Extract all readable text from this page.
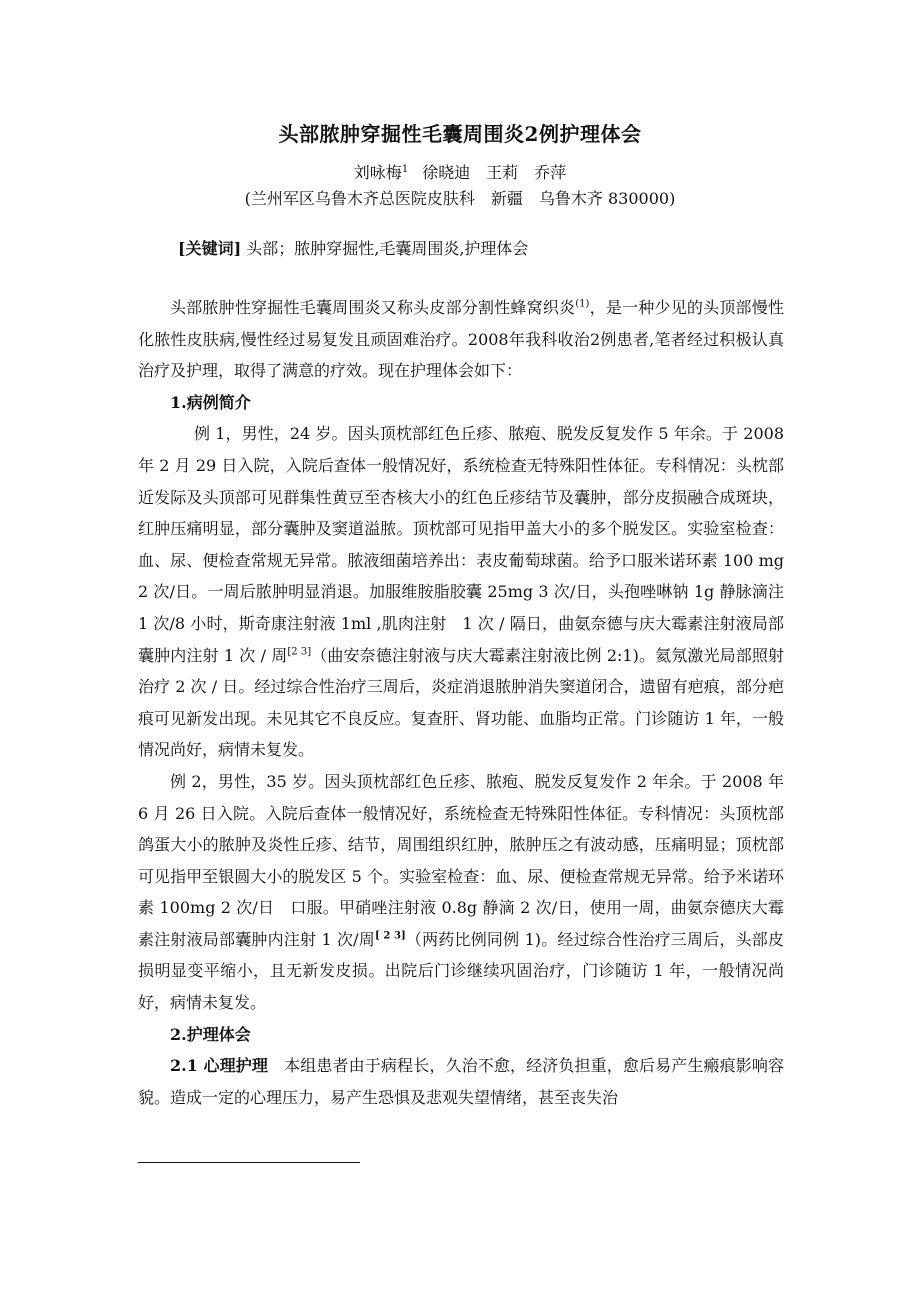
头部脓肿穿掘性毛囊周围炎2例护理体会
刘咏梅$^1$ 徐晓迪　王莉　乔萍
(兰州军区乌鲁木齐总医院皮肤科　新疆　乌鲁木齐 830000)
[关键词] 头部；脓肿穿掘性,毛囊周围炎,护理体会

头部脓肿性穿掘性毛囊周围炎又称头皮部分割性蜂窝织炎$^{(1)}$，是一种少见的头顶部慢性化脓性皮肤病,慢性经过易复发且顽固难治疗。2008年我科收治2例患者,笔者经过积极认真治疗及护理，取得了满意的疗效。现在护理体会如下：

1.病例简介

例 1，男性，24 岁。因头顶枕部红色丘疹、脓疱、脱发反复发作 5 年余。于 2008 年 2 月 29 日入院，入院后查体一般情况好，系统检查无特殊阳性体征。专科情况：头枕部近发际及头顶部可见群集性黄豆至杏核大小的红色丘疹结节及囊肿，部分皮损融合成斑块，红肿压痛明显，部分囊肿及窦道溢脓。顶枕部可见指甲盖大小的多个脱发区。实验室检查：血、尿、便检查常规无异常。脓液细菌培养出：表皮葡萄球菌。给予口服米诺环素 100 mg 2 次/日。一周后脓肿明显消退。加服维胺脂胶囊 25mg 3 次/日，头孢唑啉钠 1g 静脉滴注 1 次/8 小时，斯奇康注射液 1ml ,肌肉注射　1 次 / 隔日，曲氨奈德与庆大霉素注射液局部囊肿内注射 1 次 / 周[2 3]（曲安奈德注射液与庆大霉素注射液比例 2:1)。氦氖激光局部照射治疗 2 次 / 日。经过综合性治疗三周后，炎症消退脓肿消失窦道闭合，遗留有疤痕，部分疤痕可见新发出现。未见其它不良反应。复查肝、肾功能、血脂均正常。门诊随访 1 年，一般情况尚好，病情未复发。

例 2，男性，35 岁。因头顶枕部红色丘疹、脓疱、脱发反复发作 2 年余。于 2008 年 6 月 26 日入院。入院后查体一般情况好，系统检查无特殊阳性体征。专科情况：头顶枕部鸽蛋大小的脓肿及炎性丘疹、结节，周围组织红肿，脓肿压之有波动感，压痛明显；顶枕部可见指甲至银圆大小的脱发区 5 个。实验室检查：血、尿、便检查常规无异常。给予米诺环素 100mg 2 次/日　口服。甲硝唑注射液 0.8g 静滴 2 次/日，使用一周，曲氨奈德庆大霉素注射液局部囊肿内注射 1 次/周[ 2 3]（两药比例同例 1)。经过综合性治疗三周后，头部皮损明显变平缩小，且无新发皮损。出院后门诊继续巩固治疗，门诊随访 1 年，一般情况尚好，病情未复发。

2.护理体会

2.1 心理护理　本组患者由于病程长，久治不愈，经济负担重，愈后易产生瘢痕影响容貌。造成一定的心理压力，易产生恐惧及悲观失望情绪，甚至丧失治
